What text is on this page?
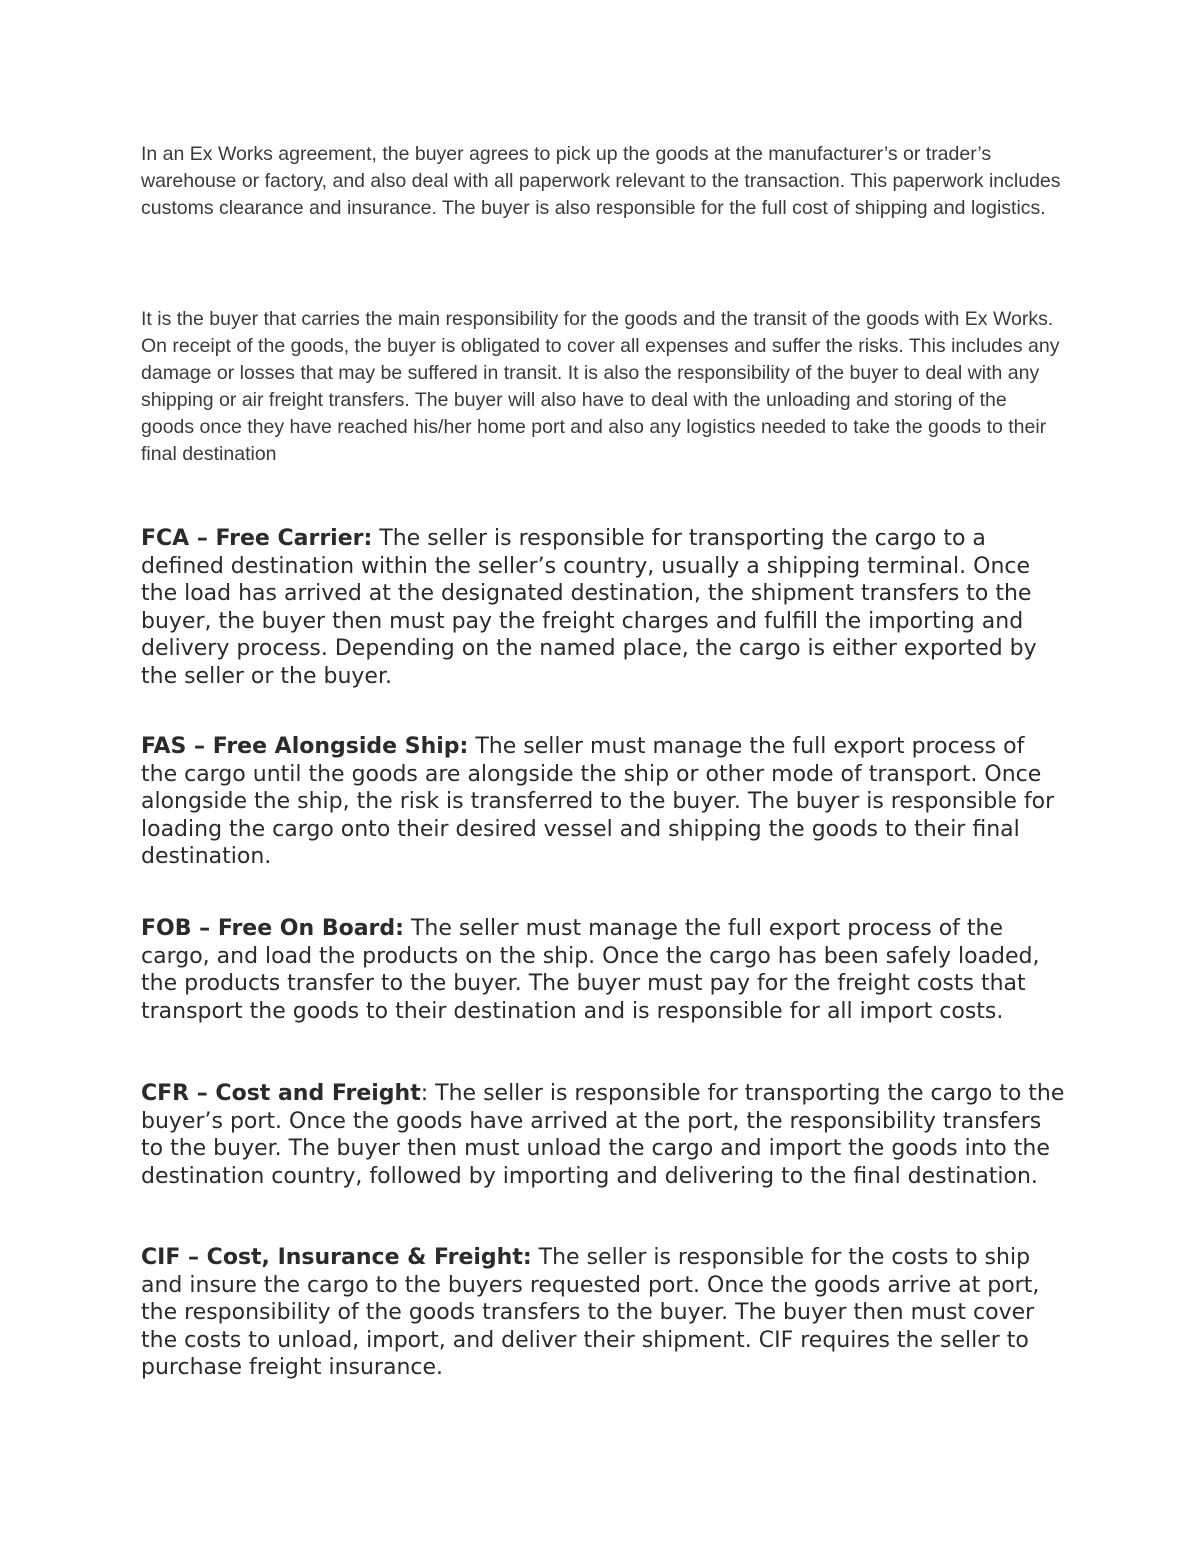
In an Ex Works agreement, the buyer agrees to pick up the goods at the manufacturer’s or trader’s warehouse or factory, and also deal with all paperwork relevant to the transaction. This paperwork includes customs clearance and insurance. The buyer is also responsible for the full cost of shipping and logistics.

It is the buyer that carries the main responsibility for the goods and the transit of the goods with Ex Works. On receipt of the goods, the buyer is obligated to cover all expenses and suffer the risks. This includes any damage or losses that may be suffered in transit. It is also the responsibility of the buyer to deal with any shipping or air freight transfers. The buyer will also have to deal with the unloading and storing of the goods once they have reached his/her home port and also any logistics needed to take the goods to their final destination

FCA – Free Carrier: The seller is responsible for transporting the cargo to a defined destination within the seller’s country, usually a shipping terminal. Once the load has arrived at the designated destination, the shipment transfers to the buyer, the buyer then must pay the freight charges and fulfill the importing and delivery process. Depending on the named place, the cargo is either exported by the seller or the buyer.

FAS – Free Alongside Ship: The seller must manage the full export process of the cargo until the goods are alongside the ship or other mode of transport. Once alongside the ship, the risk is transferred to the buyer. The buyer is responsible for loading the cargo onto their desired vessel and shipping the goods to their final destination.

FOB – Free On Board: The seller must manage the full export process of the cargo, and load the products on the ship. Once the cargo has been safely loaded, the products transfer to the buyer. The buyer must pay for the freight costs that transport the goods to their destination and is responsible for all import costs.

CFR – Cost and Freight: The seller is responsible for transporting the cargo to the buyer’s port. Once the goods have arrived at the port, the responsibility transfers to the buyer. The buyer then must unload the cargo and import the goods into the destination country, followed by importing and delivering to the final destination.

CIF – Cost, Insurance & Freight: The seller is responsible for the costs to ship and insure the cargo to the buyers requested port. Once the goods arrive at port, the responsibility of the goods transfers to the buyer. The buyer then must cover the costs to unload, import, and deliver their shipment. CIF requires the seller to purchase freight insurance.
